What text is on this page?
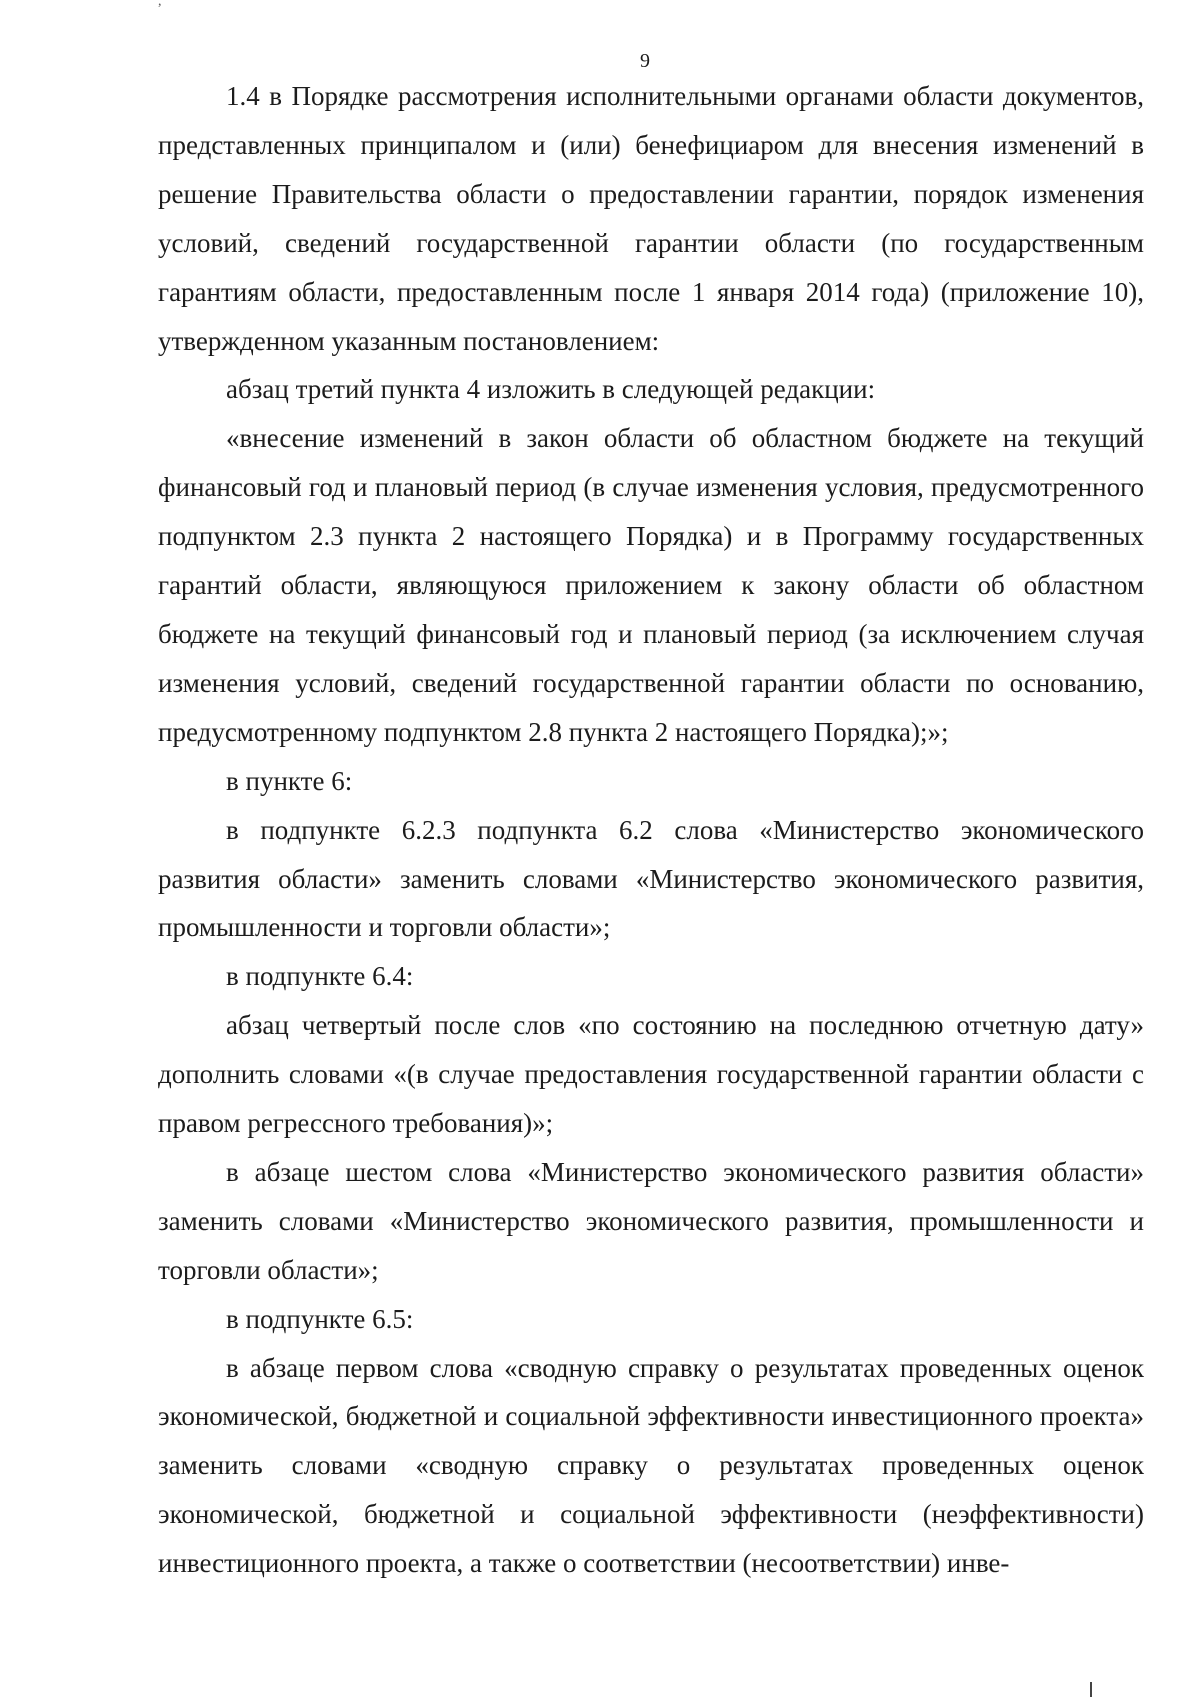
,
9

1.4 в Порядке рассмотрения исполнительными органами области документов, представленных принципалом и (или) бенефициаром для внесения изменений в решение Правительства области о предоставлении гарантии, порядок изменения условий, сведений государственной гарантии области (по государственным гарантиям области, предоставленным после 1 января 2014 года) (приложение 10), утвержденном указанным постановлением:

абзац третий пункта 4 изложить в следующей редакции:

«внесение изменений в закон области об областном бюджете на текущий финансовый год и плановый период (в случае изменения условия, предусмотренного подпунктом 2.3 пункта 2 настоящего Порядка) и в Программу государственных гарантий области, являющуюся приложением к закону области об областном бюджете на текущий финансовый год и плановый период (за исключением случая изменения условий, сведений государственной гарантии области по основанию, предусмотренному подпунктом 2.8 пункта 2 настоящего Порядка);»;

в пункте 6:

в подпункте 6.2.3 подпункта 6.2 слова «Министерство экономического развития области» заменить словами «Министерство экономического развития, промышленности и торговли области»;

в подпункте 6.4:

абзац четвертый после слов «по состоянию на последнюю отчетную дату» дополнить словами «(в случае предоставления государственной гарантии области с правом регрессного требования)»;

в абзаце шестом слова «Министерство экономического развития области» заменить словами «Министерство экономического развития, промышленности и торговли области»;

в подпункте 6.5:

в абзаце первом слова «сводную справку о результатах проведенных оценок экономической, бюджетной и социальной эффективности инвестиционного проекта» заменить словами «сводную справку о результатах проведенных оценок экономической, бюджетной и социальной эффективности (неэффективности) инвестиционного проекта, а также о соответствии (несоответствии) инве-
